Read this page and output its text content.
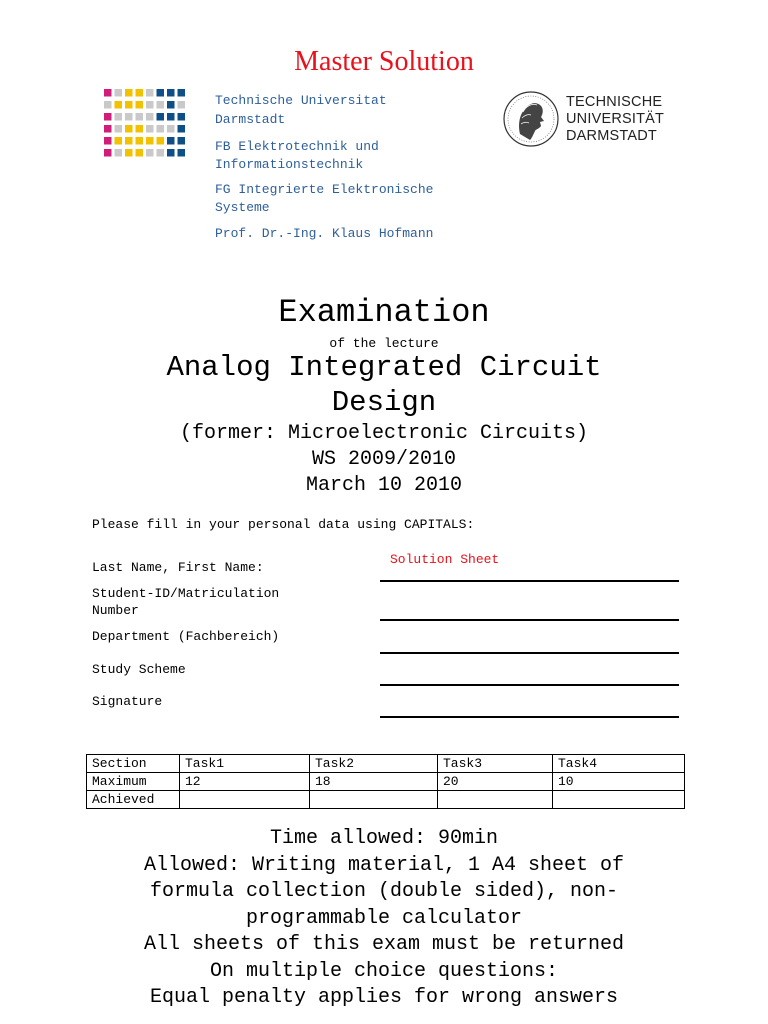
Master Solution
Technische Universitat
Darmstadt
FB Elektrotechnik und
Informationstechnik
FG Integrierte Elektronische
Systeme
Prof. Dr.-Ing. Klaus Hofmann
TECHNISCHE
UNIVERSITÄT
DARMSTADT
Examination
of the lecture
Analog Integrated Circuit
Design
(former: Microelectronic Circuits)
WS 2009/2010
March 10 2010
Please fill in your personal data using CAPITALS:
Last Name, First Name:
Solution Sheet
Student-ID/Matriculation
Number
Department (Fachbereich)
Study Scheme
Signature
Section	Task1	Task2	Task3	Task4
Maximum	12	18	20	10
Achieved				
Time allowed: 90min
Allowed: Writing material, 1 A4 sheet of
formula collection (double sided), non-
programmable calculator
All sheets of this exam must be returned
On multiple choice questions:
Equal penalty applies for wrong answers
